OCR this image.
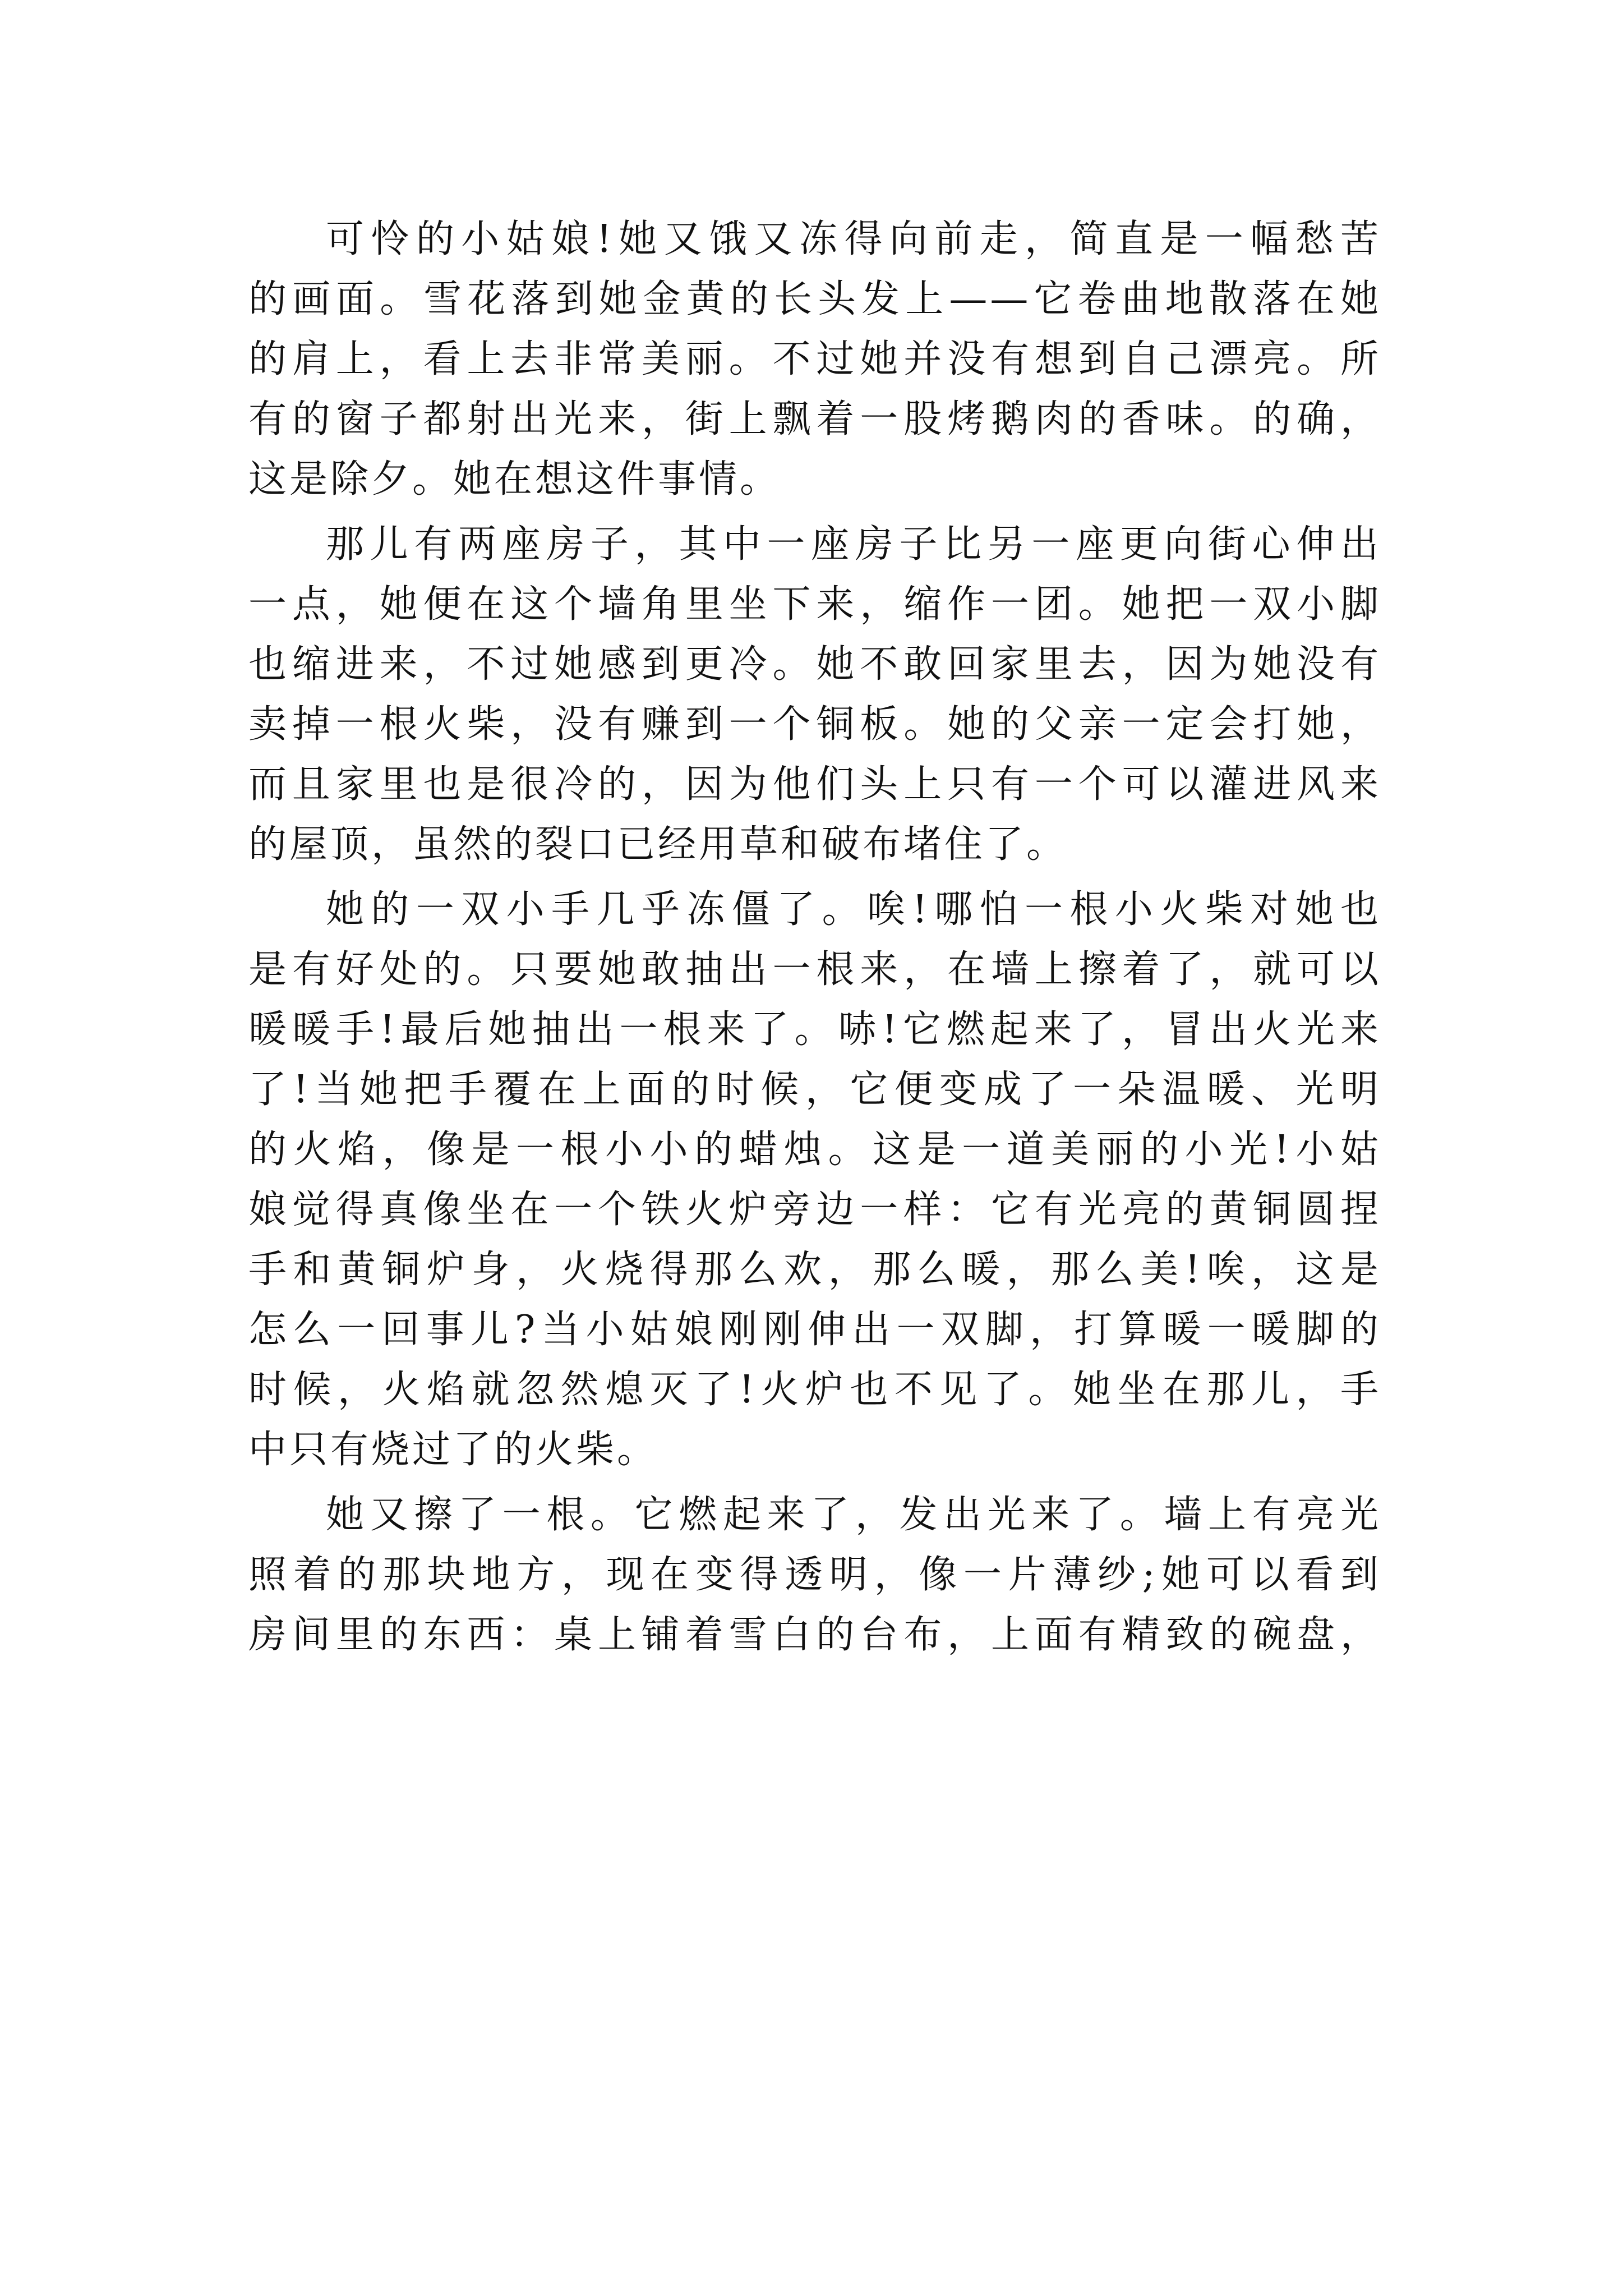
可怜的小姑娘!她又饿又冻得向前走，简直是一幅愁苦

的画面。雪花落到她金黄的长头发上——它卷曲地散落在她

的肩上，看上去非常美丽。不过她并没有想到自己漂亮。所

有的窗子都射出光来，街上飘着一股烤鹅肉的香味。的确，

这是除夕。她在想这件事情。

那儿有两座房子，其中一座房子比另一座更向街心伸出

一点，她便在这个墙角里坐下来，缩作一团。她把一双小脚

也缩进来，不过她感到更冷。她不敢回家里去，因为她没有

卖掉一根火柴，没有赚到一个铜板。她的父亲一定会打她，

而且家里也是很冷的，因为他们头上只有一个可以灌进风来

的屋顶，虽然的裂口已经用草和破布堵住了。

她的一双小手几乎冻僵了。唉!哪怕一根小火柴对她也

是有好处的。只要她敢抽出一根来，在墙上擦着了，就可以

暖暖手!最后她抽出一根来了。哧!它燃起来了，冒出火光来

了!当她把手覆在上面的时候，它便变成了一朵温暖、光明

的火焰，像是一根小小的蜡烛。这是一道美丽的小光!小姑

娘觉得真像坐在一个铁火炉旁边一样：它有光亮的黄铜圆捏

手和黄铜炉身，火烧得那么欢，那么暖，那么美!唉，这是

怎么一回事儿?当小姑娘刚刚伸出一双脚，打算暖一暖脚的

时候，火焰就忽然熄灭了!火炉也不见了。她坐在那儿，手

中只有烧过了的火柴。

她又擦了一根。它燃起来了，发出光来了。墙上有亮光

照着的那块地方，现在变得透明，像一片薄纱;她可以看到

房间里的东西：桌上铺着雪白的台布，上面有精致的碗盘，
